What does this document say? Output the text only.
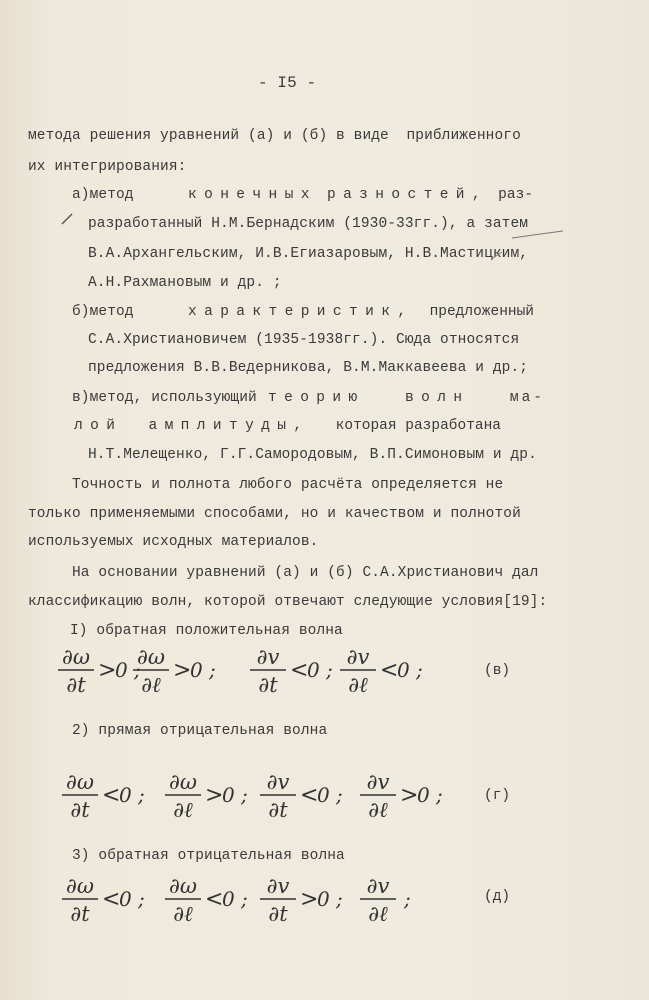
- I5 -
метода решения уравнений (а) и (б) в виде  приближенного
их интегрирования:
а)метод

	конечных разностей, раз-

разработанный Н.М.Бернадским (1930-33гг.), а затем
В.А.Архангельским, И.В.Егиазаровым, Н.В.Мастицким,
А.Н.Рахмановым и др. ;
б)метод

	характеристик, предложенный

С.А.Христиановичем (1935-1938гг.). Сюда относятся
предложения В.В.Ведерникова, В.М.Маккавеева и др.;
в)метод, использующий

теорию	волн	ма-

лой амплитуды, которая разработана

Н.Т.Мелещенко, Г.Г.Самородовым, В.П.Симоновым и др.
Точность и полнота любого расчёта определяется не
только применяемыми способами, но и качеством и полнотой
используемых исходных материалов.
На основании уравнений (а) и (б) С.А.Христианович дал
классификацию волн, которой отвечают следующие условия[19]:
I) обратная положительная волна
2) прямая отрицательная волна
3) обратная отрицательная волна
∂ω
∂t
>
0 ;
∂ω
∂ℓ
>
0 ;
∂v
∂t
<
0 ;
∂v
∂ℓ
<
0 ;
∂ω
∂t
<
0 ;
∂ω
∂ℓ
>
0 ;
∂v
∂t
<
0 ;
∂v
∂ℓ
>
0 ;
∂ω
∂t
<
0 ;
∂ω
∂ℓ
<
0 ;
∂v
∂t
>
0 ;
∂v
∂ℓ
;
(в)
(г)
(д)
